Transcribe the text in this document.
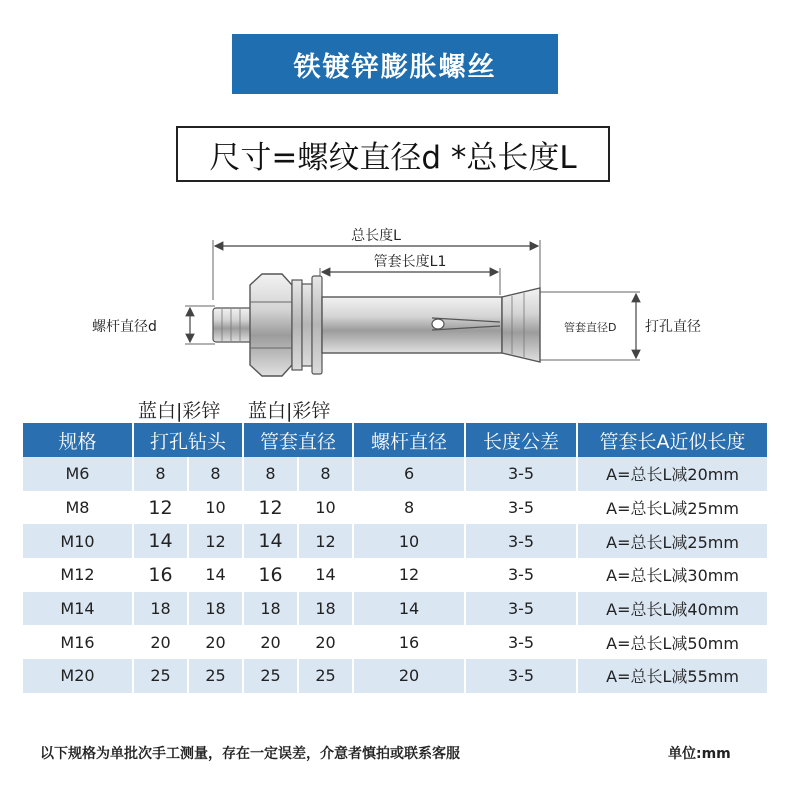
铁镀锌膨胀螺丝
尺寸=螺纹直径d *总长度L
总长度L
管套长度L1
螺杆直径d	管套直径D 打孔直径
蓝白|彩锌 蓝白|彩锌
规格	打孔钻头		管套直径		螺杆直径	长度公差	管套长A近似长度
M6	8	8	8	8	6	3-5	A=总长L减20mm
M8	12	10	12	10	8	3-5	A=总长L减25mm
M10	14	12	14	12	10	3-5	A=总长L减25mm
M12	16	14	16	14	12	3-5	A=总长L减30mm
M14	18	18	18	18	14	3-5	A=总长L减40mm
M16	20	20	20	20	16	3-5	A=总长L减50mm
M20	25	25	25	25	20	3-5	A=总长L减55mm
以下规格为单批次手工测量，存在一定误差，介意者慎拍或联系客服	单位:mm
